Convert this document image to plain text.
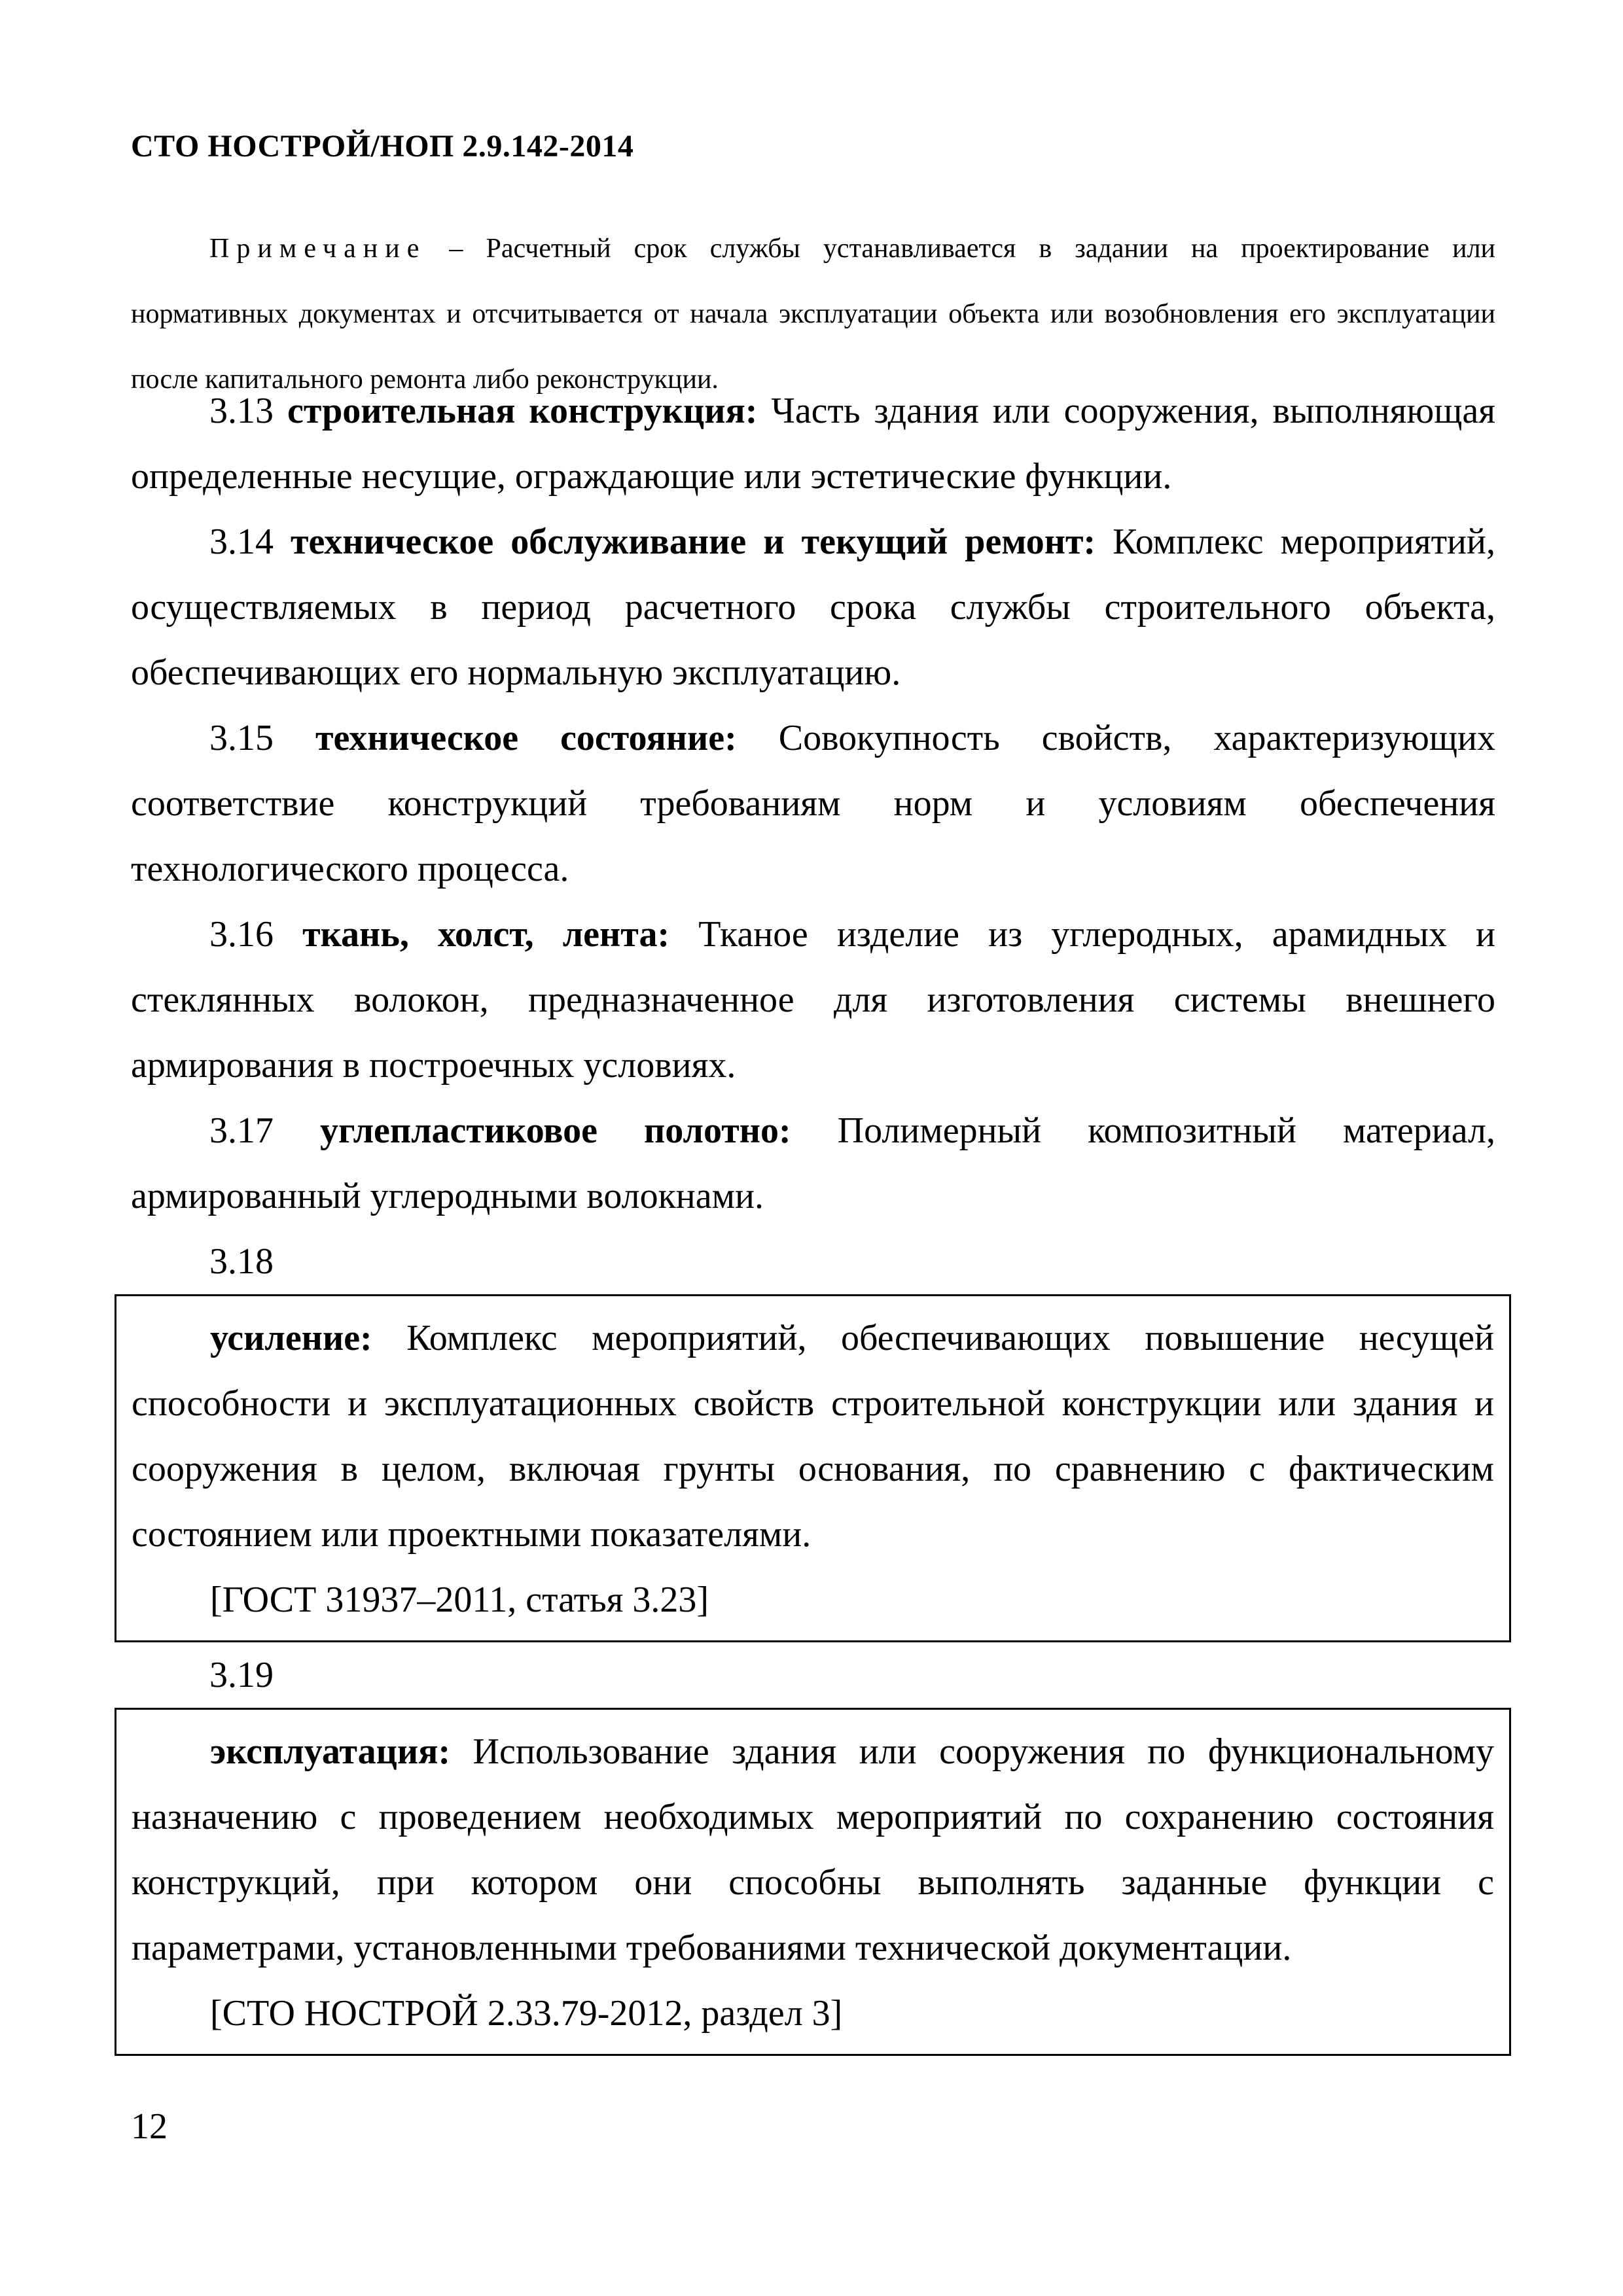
СТО НОСТРОЙ/НОП 2.9.142-2014
Примечание – Расчетный срок службы устанавливается в задании на проектирование или нормативных документах и отсчитывается от начала эксплуатации объекта или возобновления его эксплуатации после капитального ремонта либо реконструкции.
3.13 строительная конструкция: Часть здания или сооружения, выполняющая определенные несущие, ограждающие или эстетические функции.
3.14 техническое обслуживание и текущий ремонт: Комплекс мероприятий, осуществляемых в период расчетного срока службы строительного объекта, обеспечивающих его нормальную эксплуатацию.
3.15 техническое состояние: Совокупность свойств, характеризующих соответствие конструкций требованиям норм и условиям обеспечения технологического процесса.
3.16 ткань, холст, лента: Тканое изделие из углеродных, арамидных и стеклянных волокон, предназначенное для изготовления системы внешнего армирования в построечных условиях.
3.17 углепластиковое полотно: Полимерный композитный материал, армированный углеродными волокнами.
3.18
усиление: Комплекс мероприятий, обеспечивающих повышение несущей способности и эксплуатационных свойств строительной конструкции или здания и сооружения в целом, включая грунты основания, по сравнению с фактическим состоянием или проектными показателями.
[ГОСТ 31937–2011, статья 3.23]
3.19
эксплуатация: Использование здания или сооружения по функциональному назначению с проведением необходимых мероприятий по сохранению состояния конструкций, при котором они способны выполнять заданные функции с параметрами, установленными требованиями технической документации.
[СТО НОСТРОЙ 2.33.79-2012, раздел 3]
12
